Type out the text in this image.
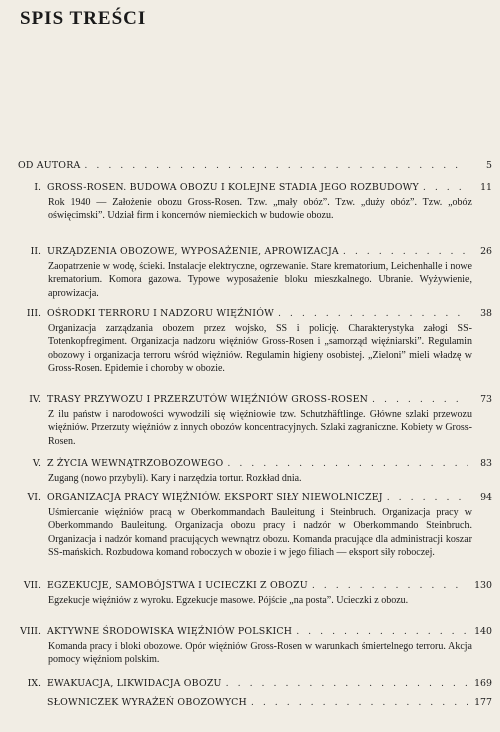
SPIS TREŚCI
OD AUTORA . . .	5
I. GROSS-ROSEN. BUDOWA OBOZU I KOLEJNE STADIA JEGO ROZBUDOWY . . .	11
Rok 1940 — Założenie obozu Gross-Rosen. Tzw. „mały obóz”. Tzw. „duży obóz”. Tzw. „obóz oświęcimski”. Udział firm i koncernów niemieckich w budowie obozu.
II. URZĄDZENIA OBOZOWE, WYPOSAŻENIE, APROWIZACJA . . .	26
Zaopatrzenie w wodę, ścieki. Instalacje elektryczne, ogrzewanie. Stare krematorium, Leichenhalle i nowe krematorium. Komora gazowa. Typowe wyposażenie bloku mieszkalnego. Ubranie. Wyżywienie, aprowizacja.
III. OŚRODKI TERRORU I NADZORU WIĘŹNIÓW . . .	38
Organizacja zarządzania obozem przez wojsko, SS i policję. Charakterystyka załogi SS-Totenkopfregiment. Organizacja nadzoru więźniów Gross-Rosen i „samorząd więźniarski”. Regulamin obozowy i organizacja terroru wśród więźniów. Regulamin higieny osobistej. „Zieloni” mieli władzę w Gross-Rosen. Epidemie i choroby w obozie.
IV. TRASY PRZYWOZU I PRZERZUTÓW WIĘŹNIÓW GROSS-ROSEN . . .	73
Z ilu państw i narodowości wywodzili się więźniowie tzw. Schutzhäftlinge. Główne szlaki przewozu więźniów. Przerzuty więźniów z innych obozów koncentracyjnych. Szlaki zagraniczne. Kobiety w Gross-Rosen.
V. Z ŻYCIA WEWNĄTRZOBOZOWEGO . . .	83
Zugang (nowo przybyli). Kary i narzędzia tortur. Rozkład dnia.
VI. ORGANIZACJA PRACY WIĘŹNIÓW. EKSPORT SIŁY NIEWOLNICZEJ . . .	94
Uśmiercanie więźniów pracą w Oberkommandach Bauleitung i Steinbruch. Organizacja pracy w Oberkommando Bauleitung. Organizacja obozu pracy i nadzór w Oberkommando Steinbruch. Organizacja i nadzór komand pracujących wewnątrz obozu. Komanda pracujące dla administracji koszar SS-mańskich. Rozbudowa komand roboczych w obozie i w jego filiach — eksport siły roboczej.
VII. EGZEKUCJE, SAMOBÓJSTWA I UCIECZKI Z OBOZU . . .	130
Egzekucje więźniów z wyroku. Egzekucje masowe. Pójście „na posta”. Ucieczki z obozu.
VIII. AKTYWNE ŚRODOWISKA WIĘŹNIÓW POLSKICH . . .	140
Komanda pracy i bloki obozowe. Opór więźniów Gross-Rosen w warunkach śmiertelnego terroru. Akcja pomocy więźniom polskim.
IX. EWAKUACJA, LIKWIDACJA OBOZU . . .	169
SŁOWNICZEK WYRAŻEŃ OBOZOWYCH . . .	177
